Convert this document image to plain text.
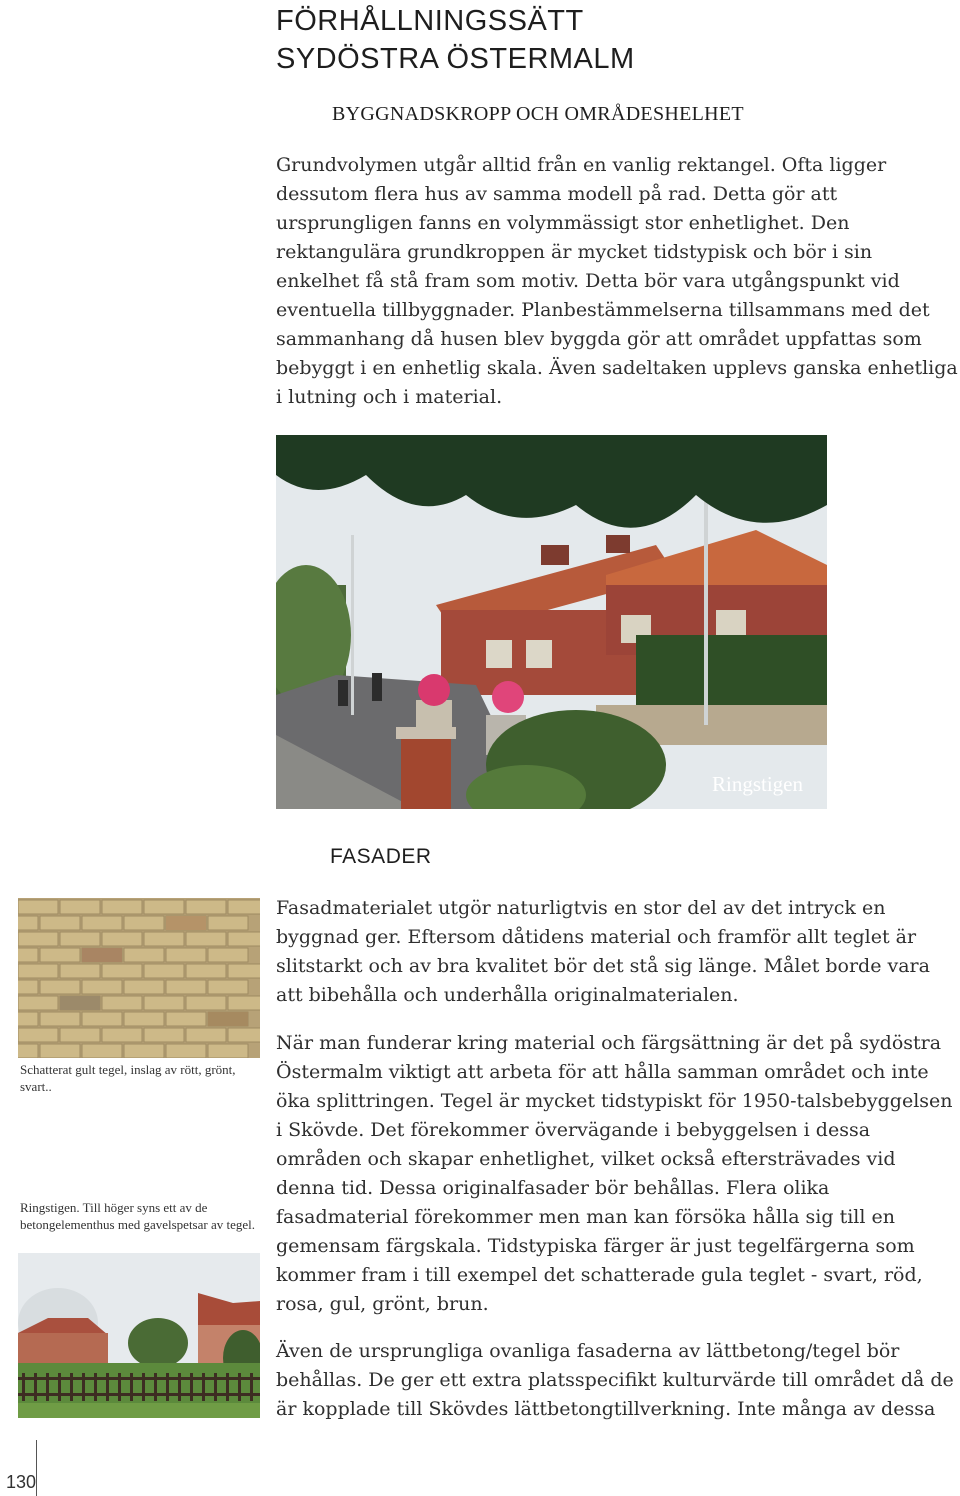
FÖRHÅLLNINGSSÄTT
SYDÖSTRA ÖSTERMALM
BYGGNADSKROPP OCH OMRÅDESHELHET
Grundvolymen utgår alltid från en vanlig rektangel. Ofta ligger dessutom flera hus av samma modell på rad. Detta gör att ursprungligen fanns en volymmässigt stor enhetlighet. Den rektangulära grundkroppen är mycket tidstypisk och bör i sin enkelhet få stå fram som motiv. Detta bör vara utgångspunkt vid eventuella tillbyggnader. Planbestämmelserna tillsammans med det sammanhang då husen blev byggda gör att området uppfattas som bebyggt i en enhetlig skala. Även sadeltaken upplevs ganska enhetliga i lutning och i material.
Ringstigen
FASADER
Schatterat gult tegel, inslag av rött, grönt, svart..
Ringstigen. Till höger syns ett av de betongelementhus med gavelspetsar av tegel.
Fasadmaterialet utgör naturligtvis en stor del av det intryck en byggnad ger. Eftersom dåtidens material och framför allt teglet är slitstarkt och av bra kvalitet bör det stå sig länge. Målet borde vara att bibehålla och underhålla originalmaterialen.
När man funderar kring material och färgsättning är det på sydöstra Östermalm viktigt att arbeta för att hålla samman området och inte öka splittringen. Tegel är mycket tidstypiskt för 1950-talsbebyggelsen i Skövde. Det förekommer övervägande i bebyggelsen i dessa områden och skapar enhetlighet, vilket också eftersträvades vid denna tid. Dessa originalfasader bör behållas. Flera olika fasadmaterial förekommer men man kan försöka hålla sig till en gemensam färgskala. Tidstypiska färger är just tegelfärgerna som kommer fram i till exempel det schatterade gula teglet - svart, röd, rosa, gul, grönt, brun.
Även de ursprungliga ovanliga fasaderna av lättbetong/tegel bör behållas. De ger ett extra platsspecifikt kulturvärde till området då de är kopplade till Skövdes lättbetongtillverkning. Inte många av dessa
130
